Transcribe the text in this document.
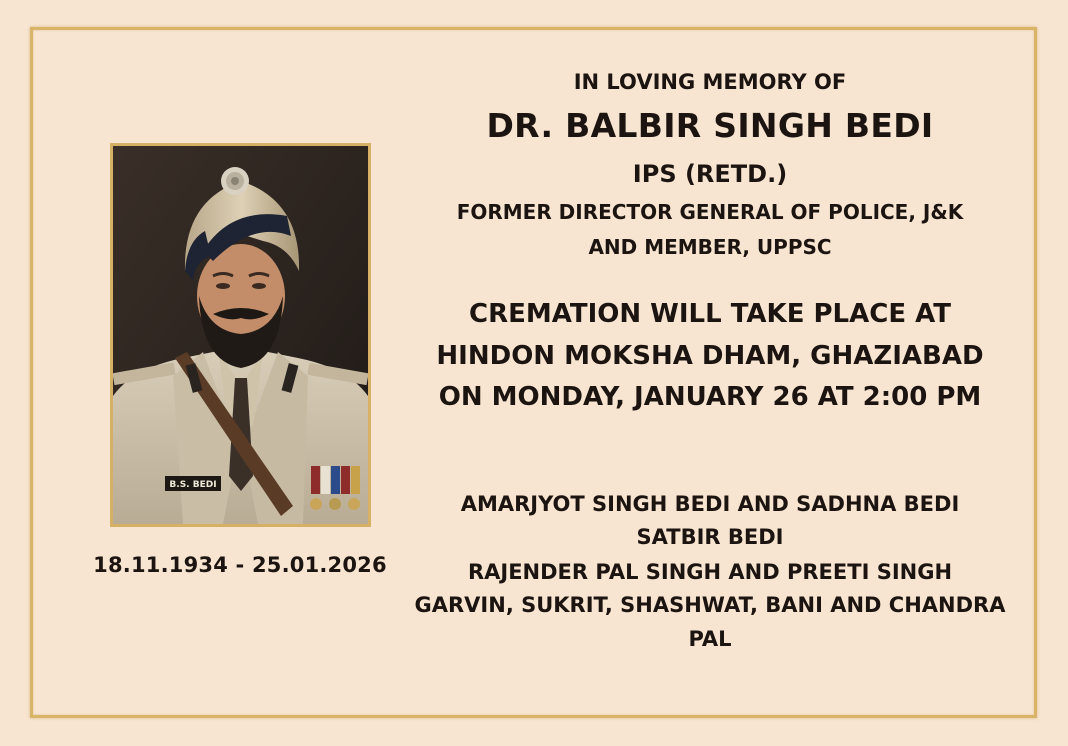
B.S. BEDI
18.11.1934 - 25.01.2026
IN LOVING MEMORY OF
DR. BALBIR SINGH BEDI
IPS (RETD.)
FORMER DIRECTOR GENERAL OF POLICE, J&K
AND MEMBER, UPPSC
CREMATION WILL TAKE PLACE AT
HINDON MOKSHA DHAM, GHAZIABAD
ON MONDAY, JANUARY 26 AT 2:00 PM
AMARJYOT SINGH BEDI AND SADHNA BEDI
SATBIR BEDI
RAJENDER PAL SINGH AND PREETI SINGH
GARVIN, SUKRIT, SHASHWAT, BANI AND CHANDRA
PAL
